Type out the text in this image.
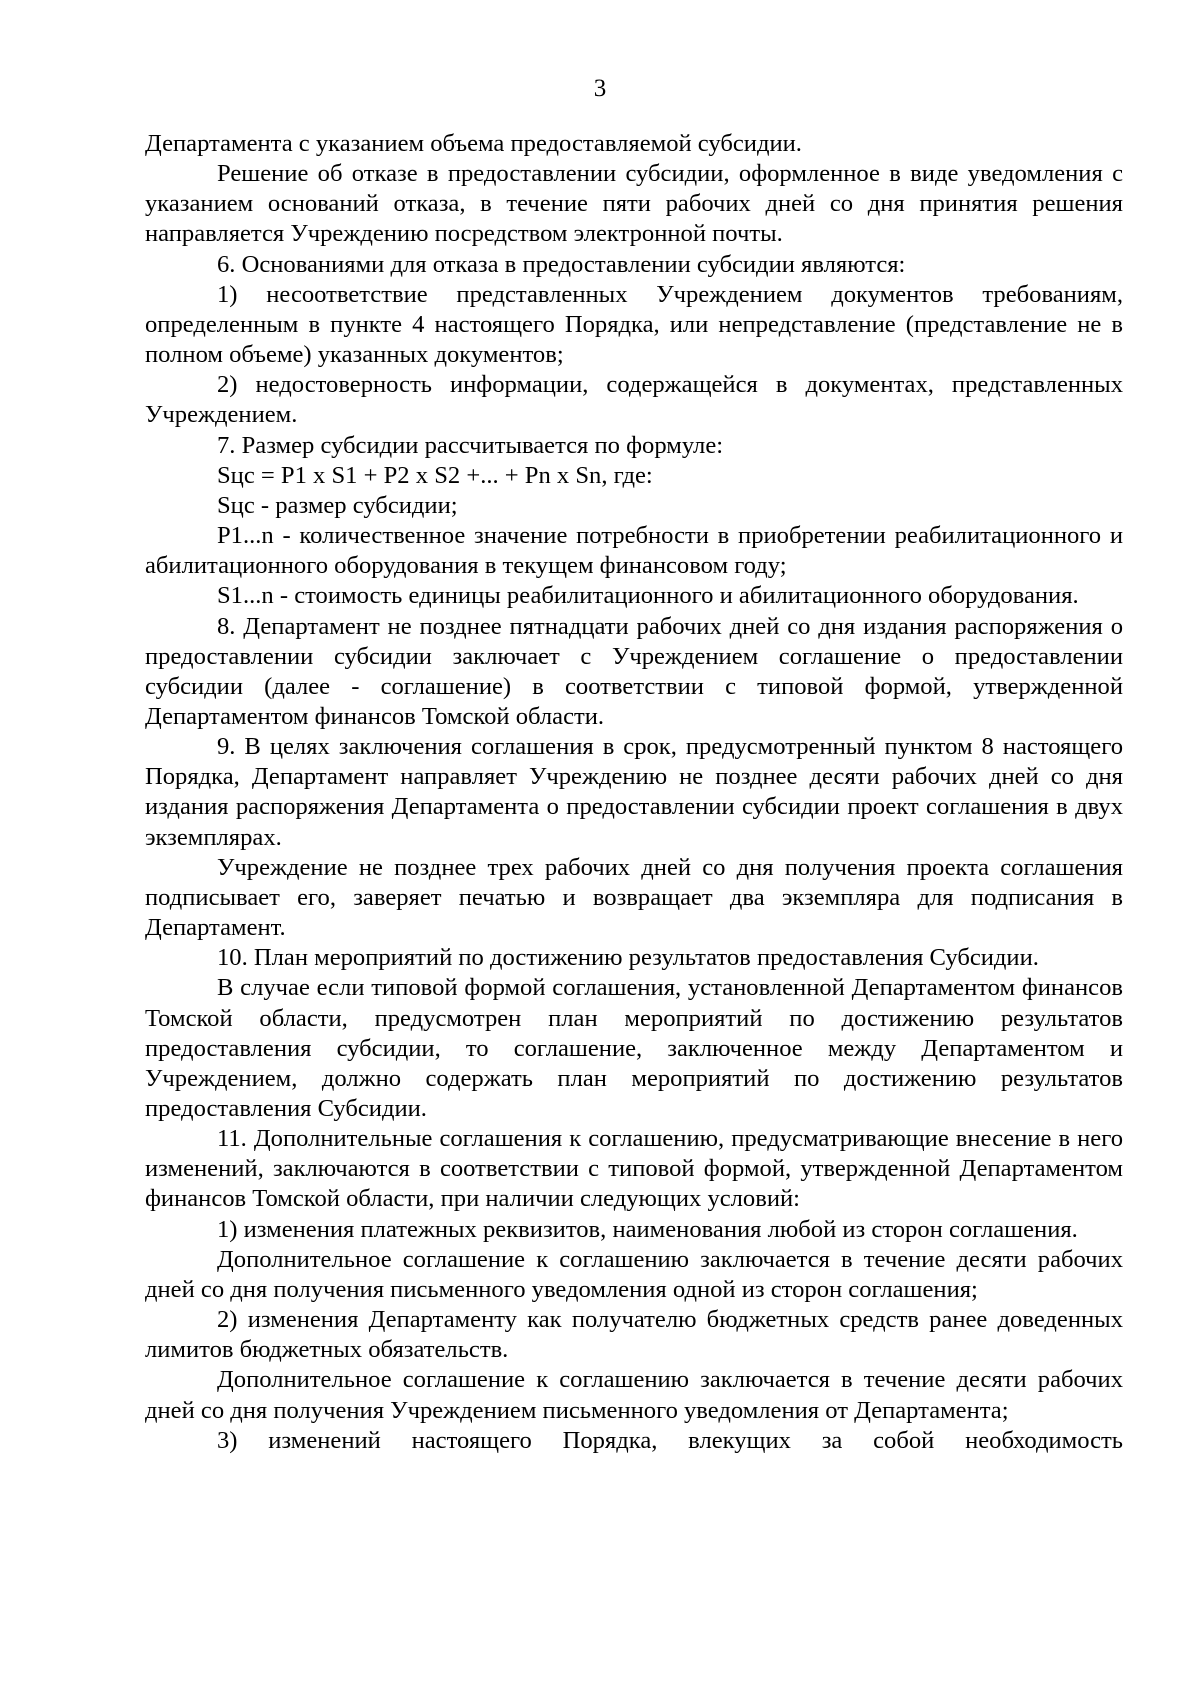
3

Департамента с указанием объема предоставляемой субсидии.

Решение об отказе в предоставлении субсидии, оформленное в виде уведомления с указанием оснований отказа, в течение пяти рабочих дней со дня принятия решения направляется Учреждению посредством электронной почты.

6. Основаниями для отказа в предоставлении субсидии являются:

1) несоответствие представленных Учреждением документов требованиям, определенным в пункте 4 настоящего Порядка, или непредставление (представление не в полном объеме) указанных документов;

2) недостоверность информации, содержащейся в документах, представленных Учреждением.

7. Размер субсидии рассчитывается по формуле:

Sцс = P1 x S1 + P2 x S2 +... + Pn x Sn, где:

Sцс - размер субсидии;

P1...n - количественное значение потребности в приобретении реабилитационного и абилитационного оборудования в текущем финансовом году;

S1...n - стоимость единицы реабилитационного и абилитационного оборудования.

8. Департамент не позднее пятнадцати рабочих дней со дня издания распоряжения о предоставлении субсидии заключает с Учреждением соглашение о предоставлении субсидии (далее - соглашение) в соответствии с типовой формой, утвержденной Департаментом финансов Томской области.

9. В целях заключения соглашения в срок, предусмотренный пунктом 8 настоящего Порядка, Департамент направляет Учреждению не позднее десяти рабочих дней со дня издания распоряжения Департамента о предоставлении субсидии проект соглашения в двух экземплярах.

Учреждение не позднее трех рабочих дней со дня получения проекта соглашения подписывает его, заверяет печатью и возвращает два экземпляра для подписания в Департамент.

10. План мероприятий по достижению результатов предоставления Субсидии.

В случае если типовой формой соглашения, установленной Департаментом финансов Томской области, предусмотрен план мероприятий по достижению результатов предоставления субсидии, то соглашение, заключенное между Департаментом и Учреждением, должно содержать план мероприятий по достижению результатов предоставления Субсидии.

11. Дополнительные соглашения к соглашению, предусматривающие внесение в него изменений, заключаются в соответствии с типовой формой, утвержденной Департаментом финансов Томской области, при наличии следующих условий:

1) изменения платежных реквизитов, наименования любой из сторон соглашения.

Дополнительное соглашение к соглашению заключается в течение десяти рабочих дней со дня получения письменного уведомления одной из сторон соглашения;

2) изменения Департаменту как получателю бюджетных средств ранее доведенных лимитов бюджетных обязательств.

Дополнительное соглашение к соглашению заключается в течение десяти рабочих дней со дня получения Учреждением письменного уведомления от Департамента;

3) изменений настоящего Порядка, влекущих за собой необходимость
